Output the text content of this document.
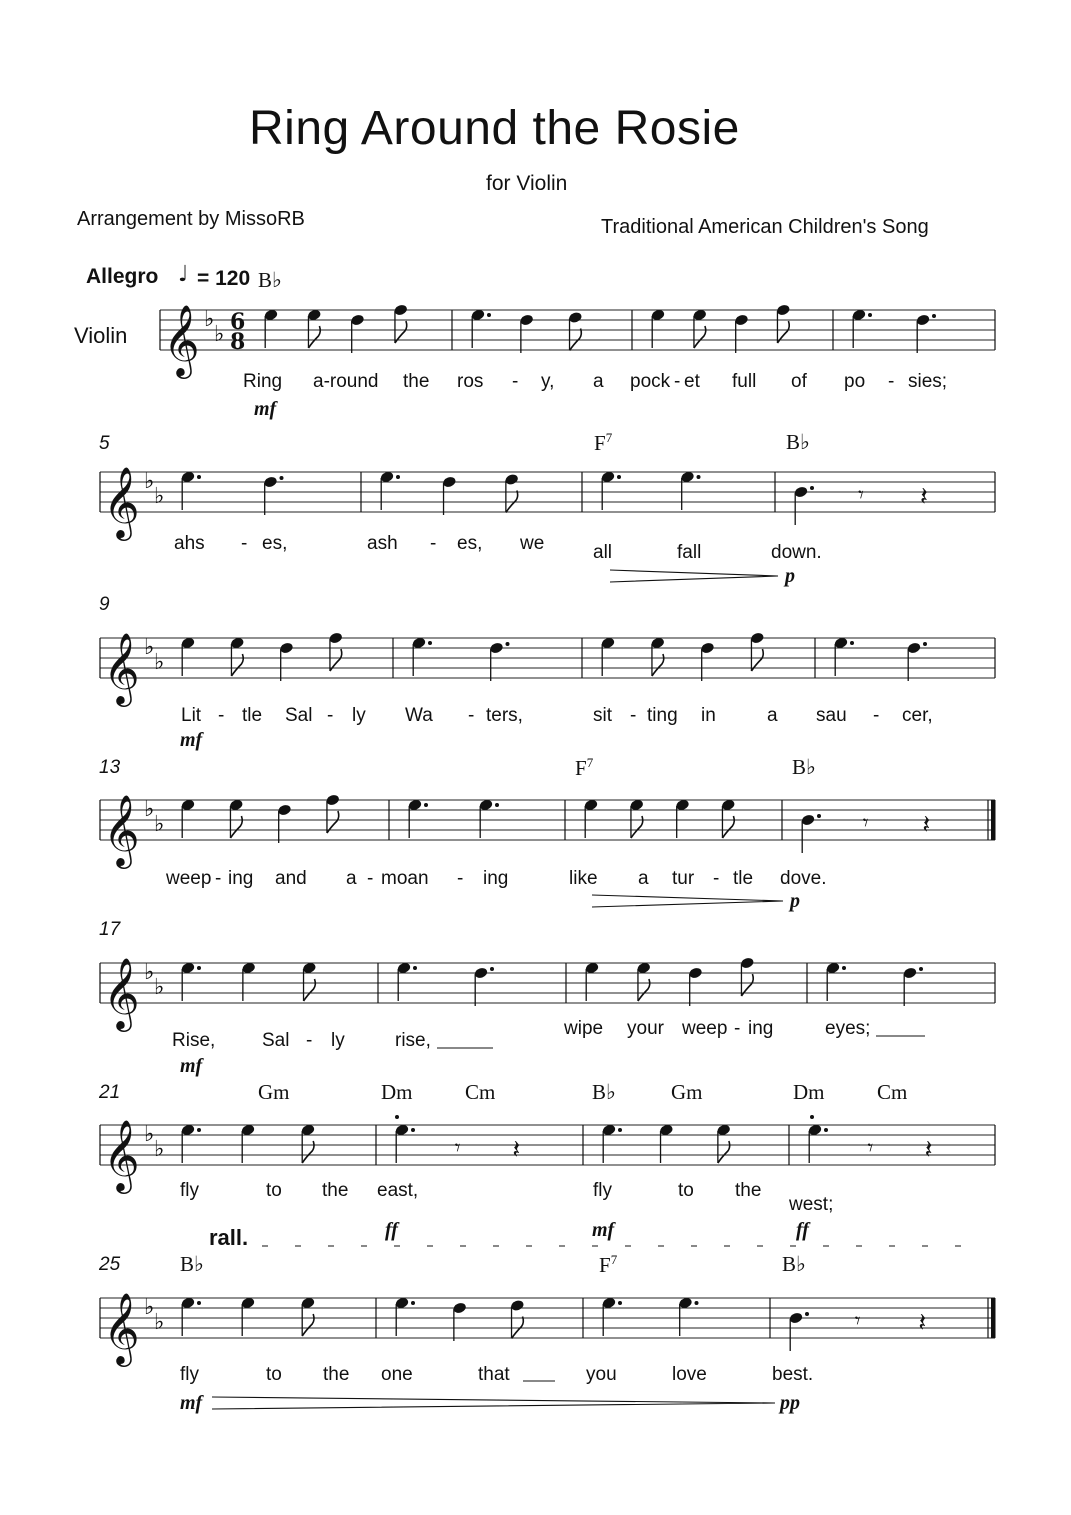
Ring Around the Rosie
for Violin
Arrangement by MissoRB	Traditional American Children's Song
Allegro ♩ = 120
Violin
B♭
Ring a-round the ros - y, a pock - et full of po - sies;
mf
5	$F^7$	B♭
ahs - es,	ash - es, we	all	fall	down.
p
9
Lit - tle Sal - ly Wa - ters,	sit - ting in	a sau - cer,
mf
13	$F^7$	B♭
weep - ing and a - moan - ing	like a tur - tle dove.
p
17
Rise, Sal - ly	rise,
wipe your weep - ing	eyes;
mf
21	Gm	Dm	Cm	B♭	Gm	Dm	Cm
fly	to the east,	fly	to the
west;
rall.	ff	mf	ff
25	B♭	$F^7$	B♭
fly	to the one	that	you	love	best.
mf	pp
𝄞 ♭
♭ 6
8
𝄞 ♭
♭	𝄾 𝄽
𝄞 ♭
♭
𝄞 ♭
♭	𝄾 𝄽
𝄞 ♭
♭
𝄞 ♭
♭	𝄾 𝄽	𝄾 𝄽
𝄞 ♭
♭	𝄾 𝄽
